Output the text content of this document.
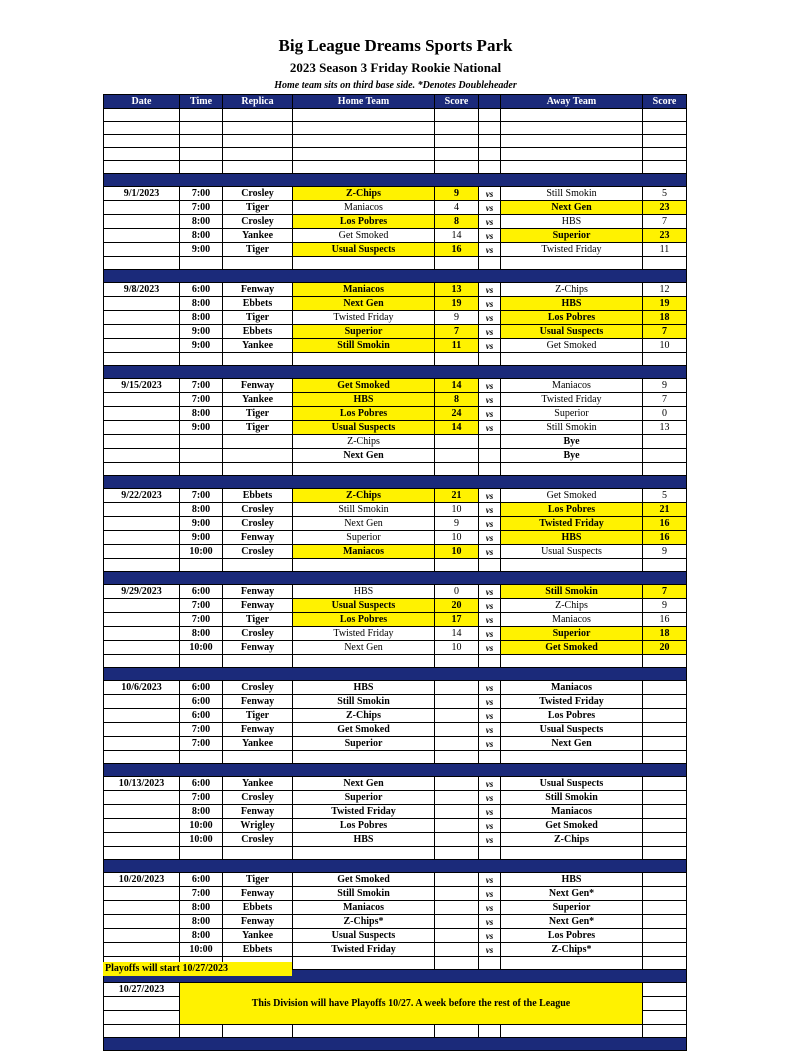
Big League Dreams Sports Park
2023 Season 3 Friday Rookie National
Home team sits on third base side. *Denotes Doubleheader
Date	Time	Replica	Home Team	Score		Away Team	Score

9/1/2023	7:00	Crosley	Z-Chips	9	vs	Still Smokin	5
	7:00	Tiger	Maniacos	4	vs	Next Gen	23
	8:00	Crosley	Los Pobres	8	vs	HBS	7
	8:00	Yankee	Get Smoked	14	vs	Superior	23
	9:00	Tiger	Usual Suspects	16	vs	Twisted Friday	11

9/8/2023	6:00	Fenway	Maniacos	13	vs	Z-Chips	12
	8:00	Ebbets	Next Gen	19	vs	HBS	19
	8:00	Tiger	Twisted Friday	9	vs	Los Pobres	18
	9:00	Ebbets	Superior	7	vs	Usual Suspects	7
	9:00	Yankee	Still Smokin	11	vs	Get Smoked	10

9/15/2023	7:00	Fenway	Get Smoked	14	vs	Maniacos	9
	7:00	Yankee	HBS	8	vs	Twisted Friday	7
	8:00	Tiger	Los Pobres	24	vs	Superior	0
	9:00	Tiger	Usual Suspects	14	vs	Still Smokin	13
			Z-Chips			Bye	
			Next Gen			Bye	

9/22/2023	7:00	Ebbets	Z-Chips	21	vs	Get Smoked	5
	8:00	Crosley	Still Smokin	10	vs	Los Pobres	21
	9:00	Crosley	Next Gen	9	vs	Twisted Friday	16
	9:00	Fenway	Superior	10	vs	HBS	16
	10:00	Crosley	Maniacos	10	vs	Usual Suspects	9

9/29/2023	6:00	Fenway	HBS	0	vs	Still Smokin	7
	7:00	Fenway	Usual Suspects	20	vs	Z-Chips	9
	7:00	Tiger	Los Pobres	17	vs	Maniacos	16
	8:00	Crosley	Twisted Friday	14	vs	Superior	18
	10:00	Fenway	Next Gen	10	vs	Get Smoked	20

10/6/2023	6:00	Crosley	HBS		vs	Maniacos	
	6:00	Fenway	Still Smokin		vs	Twisted Friday	
	6:00	Tiger	Z-Chips		vs	Los Pobres	
	7:00	Fenway	Get Smoked		vs	Usual Suspects	
	7:00	Yankee	Superior		vs	Next Gen	

10/13/2023	6:00	Yankee	Next Gen		vs	Usual Suspects	
	7:00	Crosley	Superior		vs	Still Smokin	
	8:00	Fenway	Twisted Friday		vs	Maniacos	
	10:00	Wrigley	Los Pobres		vs	Get Smoked	
	10:00	Crosley	HBS		vs	Z-Chips	

10/20/2023	6:00	Tiger	Get Smoked		vs	HBS	
	7:00	Fenway	Still Smokin		vs	Next Gen*	
	8:00	Ebbets	Maniacos		vs	Superior	
	8:00	Fenway	Z-Chips*		vs	Next Gen*	
	8:00	Yankee	Usual Suspects		vs	Los Pobres	
	10:00	Ebbets	Twisted Friday		vs	Z-Chips*	

10/27/2023	This Division will have Playoffs 10/27. A week before the rest of the League						

Playoffs will start 10/27/2023
